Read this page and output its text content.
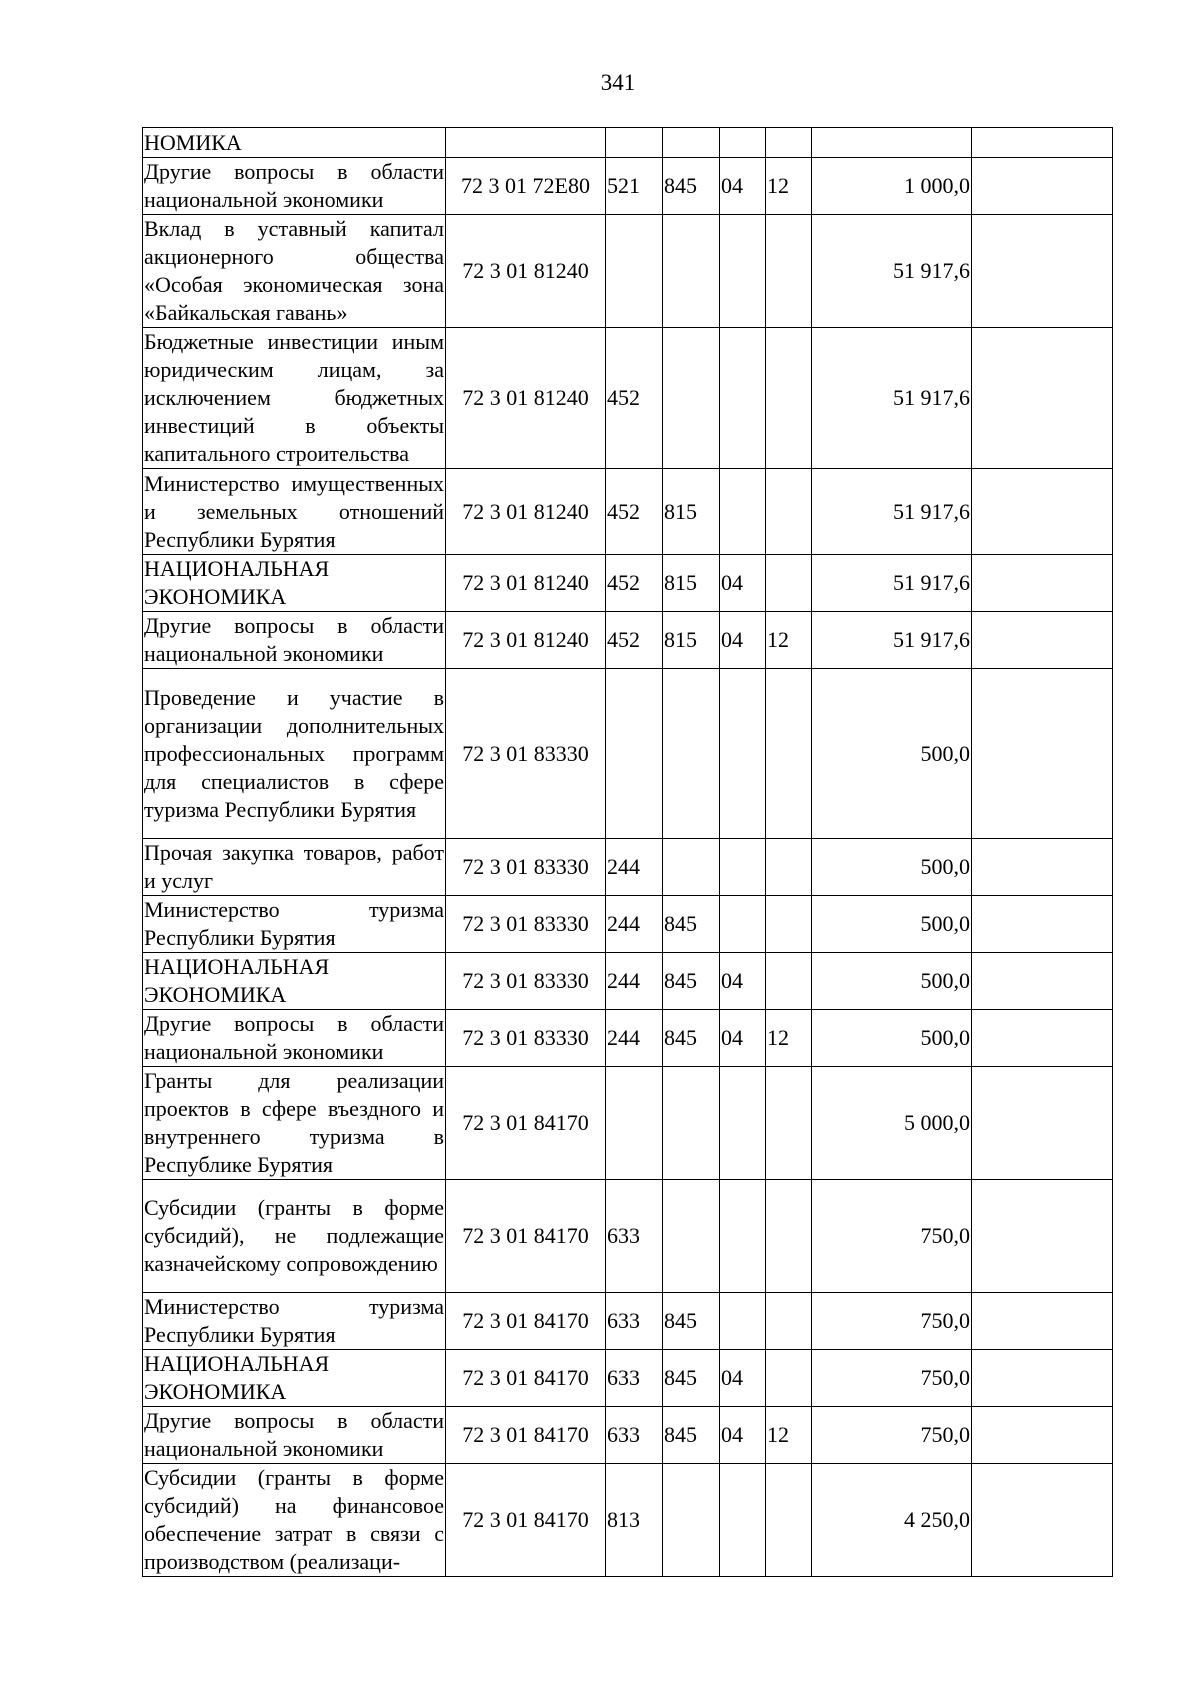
341
НОМИКА							
Другие вопросы в области национальной экономики	72 3 01 72Е80	521	845	04	12	1 000,0	
Вклад в уставный капитал акционерного общества «Особая экономическая зона «Байкальская гавань»	72 3 01 81240					51 917,6	
Бюджетные инвестиции иным юридическим лицам, за исключением бюджетных инвестиций в объекты капитального строительства	72 3 01 81240	452				51 917,6	
Министерство имущественных и земельных отношений Республики Бурятия	72 3 01 81240	452	815			51 917,6	
НАЦИОНАЛЬНАЯ ЭКОНОМИКА	72 3 01 81240	452	815	04		51 917,6	
Другие вопросы в области национальной экономики	72 3 01 81240	452	815	04	12	51 917,6	
Проведение и участие в организации дополнительных профессиональных программ для специалистов в сфере туризма Республики Бурятия	72 3 01 83330					500,0	
Прочая закупка товаров, работ и услуг	72 3 01 83330	244				500,0	
Министерство туризма Республики Бурятия	72 3 01 83330	244	845			500,0	
НАЦИОНАЛЬНАЯ ЭКОНОМИКА	72 3 01 83330	244	845	04		500,0	
Другие вопросы в области национальной экономики	72 3 01 83330	244	845	04	12	500,0	
Гранты для реализации проектов в сфере въездного и внутреннего туризма в Республике Бурятия	72 3 01 84170					5 000,0	
Субсидии (гранты в форме субсидий), не подлежащие казначейскому сопровождению	72 3 01 84170	633				750,0	
Министерство туризма Республики Бурятия	72 3 01 84170	633	845			750,0	
НАЦИОНАЛЬНАЯ ЭКОНОМИКА	72 3 01 84170	633	845	04		750,0	
Другие вопросы в области национальной экономики	72 3 01 84170	633	845	04	12	750,0	
Субсидии (гранты в форме субсидий) на финансовое обеспечение затрат в связи с производством (реализаци-	72 3 01 84170	813				4 250,0	
